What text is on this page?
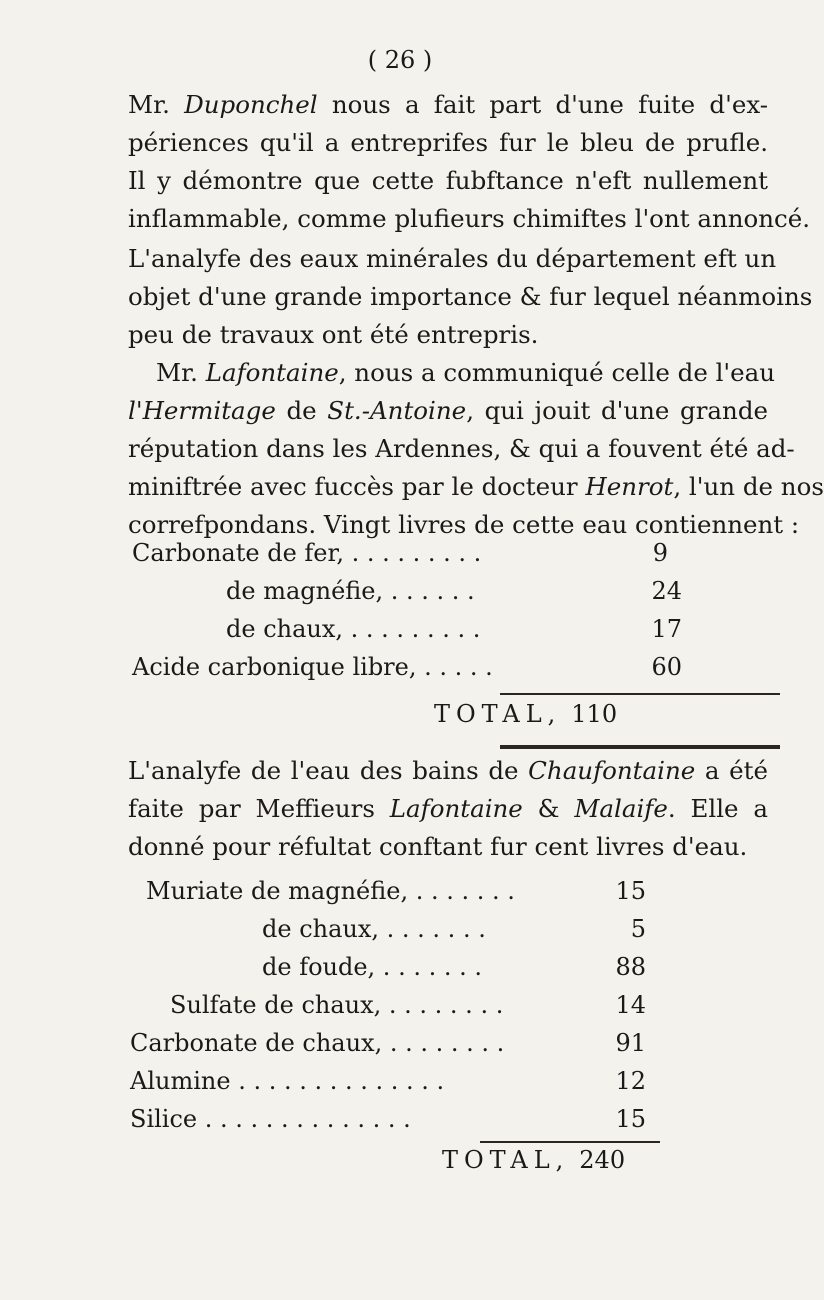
( 26 )
Mr. Duponchel nous a fait part d'une fuite d'ex-
périences qu'il a entreprifes fur le bleu de prufle.
Il y démontre que cette fubftance n'eft nullement
inflammable, comme plufieurs chimiftes l'ont annoncé.
L'analyfe des eaux minérales du département eft un
objet d'une grande importance & fur lequel néanmoins
peu de travaux ont été entrepris.
Mr. Lafontaine, nous a communiqué celle de l'eau
l'Hermitage de St.-Antoine, qui jouit d'une grande
réputation dans les Ardennes, & qui a fouvent été ad-
miniftrée avec fuccès par le docteur Henrot, l'un de nos
correfpondans. Vingt livres de cette eau contiennent :
Carbonate de fer, . . . . . . . . .	9
de magnéfie, . . . . . .	24
de chaux, . . . . . . . . .	17
Acide carbonique libre, . . . . .	60
TOTAL, 110
L'analyfe de l'eau des bains de Chaufontaine a été
faite par Meffieurs Lafontaine & Malaife. Elle a
donné pour réfultat conftant fur cent livres d'eau.
Muriate de magnéfie, . . . . . . .	15
de chaux, . . . . . . .	5
de foude, . . . . . . .	88
Sulfate de chaux, . . . . . . . .	14
Carbonate de chaux, . . . . . . . .	91
Alumine . . . . . . . . . . . . . .	12
Silice . . . . . . . . . . . . . .	15
TOTAL, 240
